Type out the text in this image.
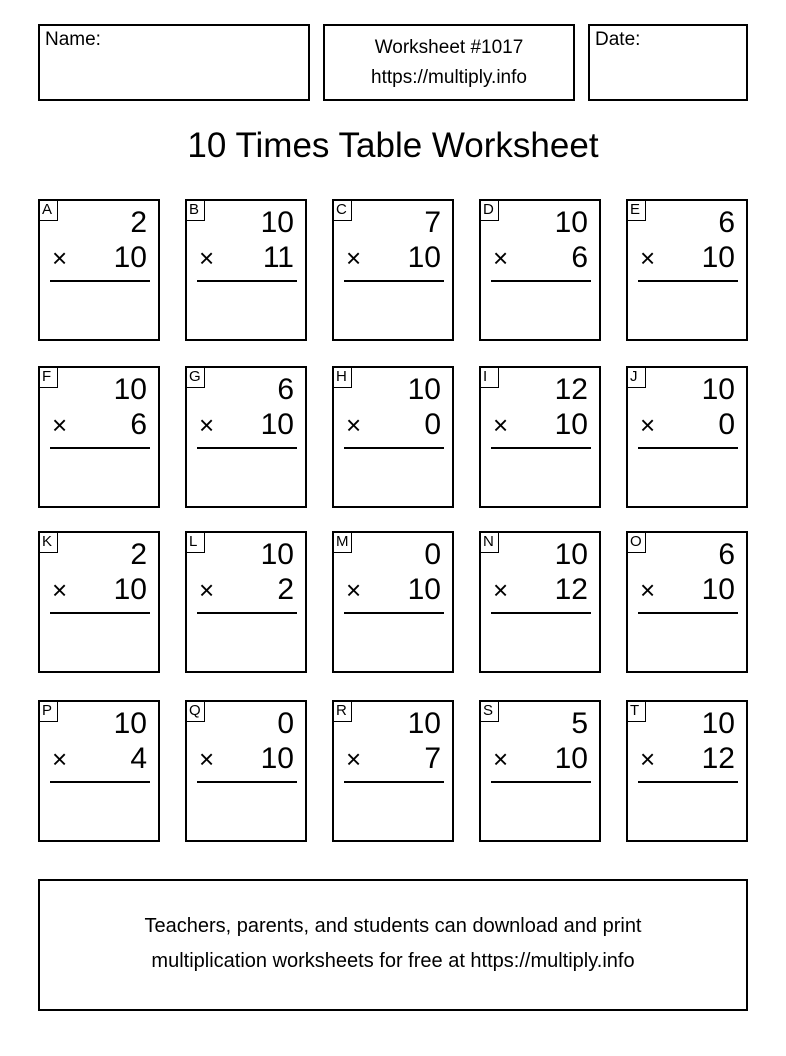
Name:	Worksheet #1017
https://multiply.info
Date:
10 Times Table Worksheet
A	2
× 10
B 10
× 11
C	7
× 10
D 10
× 6
E	6
× 10
F 10
× 6
G	6
× 10
H 10
× 0
I	12
× 10
J 10
× 0
K	2
× 10
L 10
× 2
M	0
× 10
N 10
× 12
O	6
× 10
P 10
× 4
Q	0
× 10
R 10
× 7
S	5
× 10
T 10
× 12
Teachers, parents, and students can download and print
multiplication worksheets for free at https://multiply.info
